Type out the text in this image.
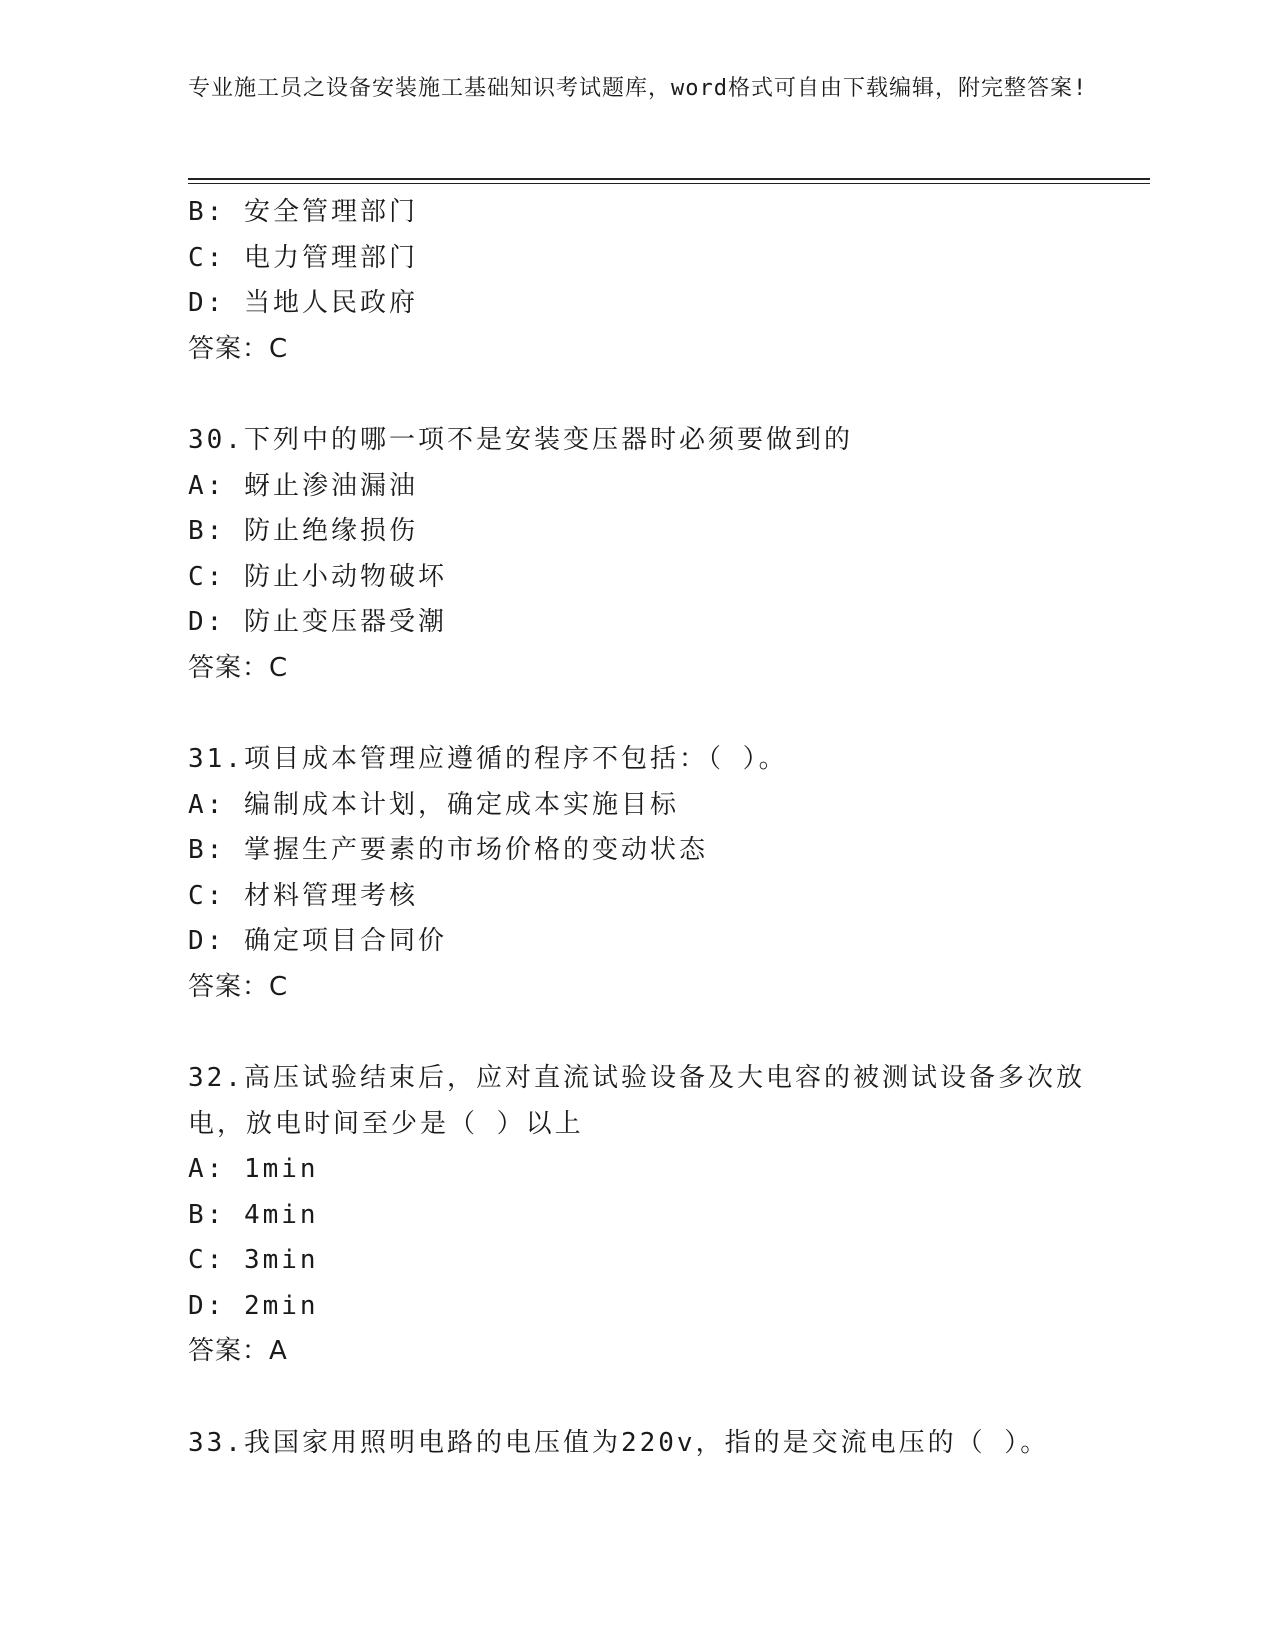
专业施工员之设备安装施工基础知识考试题库，word格式可自由下载编辑，附完整答案!
B: 安全管理部门
C: 电力管理部门
D: 当地人民政府
答案：C
30.下列中的哪一项不是安装变压器时必须要做到的
A: 蚜止渗油漏油
B: 防止绝缘损伤
C: 防止小动物破坏
D: 防止变压器受潮
答案：C
31.项目成本管理应遵循的程序不包括：（ ）。
A: 编制成本计划，确定成本实施目标
B: 掌握生产要素的市场价格的变动状态
C: 材料管理考核
D: 确定项目合同价
答案：C
32.高压试验结束后，应对直流试验设备及大电容的被测试设备多次放电，放电时间至少是（ ）以上
A: 1min
B: 4min
C: 3min
D: 2min
答案：A
33.我国家用照明电路的电压值为220v，指的是交流电压的（ ）。
